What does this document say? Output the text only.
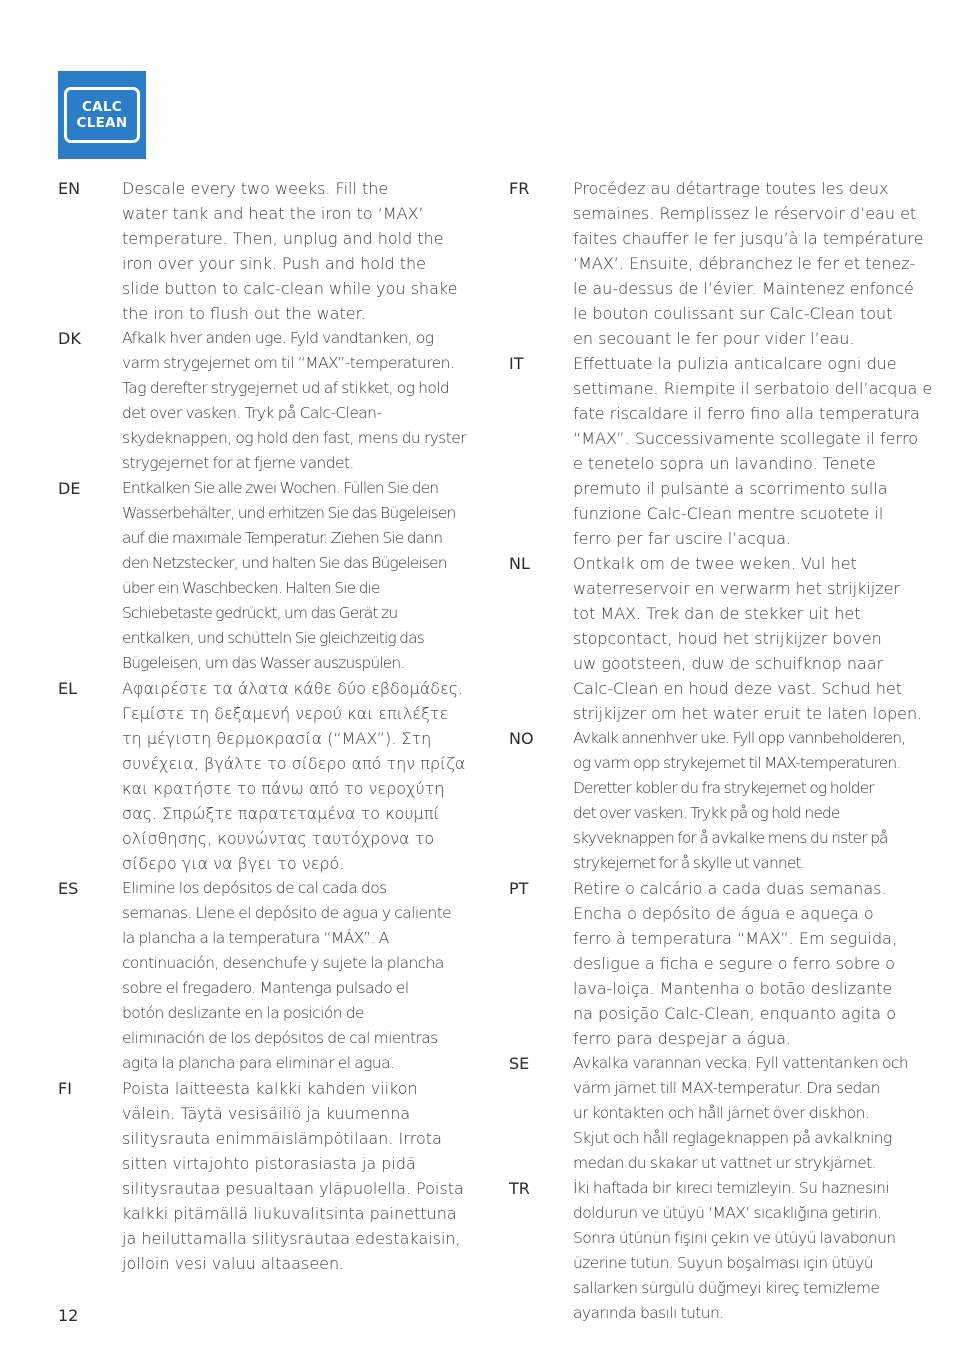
CALC
CLEAN
EN	Descale every two weeks. Fill the
water tank and heat the iron to ‘MAX’
temperature. Then, unplug and hold the
iron over your sink. Push and hold the
slide button to calc-clean while you shake
the iron to flush out the water.
DK	Afkalk hver anden uge. Fyld vandtanken, og
varm strygejernet om til “MAX”-temperaturen.
Tag derefter strygejernet ud af stikket, og hold
det over vasken. Tryk på Calc-Clean-
skydeknappen, og hold den fast, mens du ryster
strygejernet for at fjerne vandet.
DE	Entkalken Sie alle zwei Wochen. Füllen Sie den
Wasserbehälter, und erhitzen Sie das Bügeleisen
auf die maximale Temperatur. Ziehen Sie dann
den Netzstecker, und halten Sie das Bügeleisen
über ein Waschbecken. Halten Sie die
Schiebetaste gedrückt, um das Gerät zu
entkalken, und schütteln Sie gleichzeitig das
Bügeleisen, um das Wasser auszuspülen.
EL	Αφαιρέστε τα άλατα κάθε δύο εβδομάδες.
Γεμίστε τη δεξαμενή νερού και επιλέξτε
τη μέγιστη θερμοκρασία (“MAX”). Στη
συνέχεια, βγάλτε το σίδερο από την πρίζα
και κρατήστε το πάνω από το νεροχύτη
σας. Σπρώξτε παρατεταμένα το κουμπί
ολίσθησης, κουνώντας ταυτόχρονα το
σίδερο για να βγει το νερό.
ES	Elimine los depósitos de cal cada dos
semanas. Llene el depósito de agua y caliente
la plancha a la temperatura “MÁX”. A
continuación, desenchufe y sujete la plancha
sobre el fregadero. Mantenga pulsado el
botón deslizante en la posición de
eliminación de los depósitos de cal mientras
agita la plancha para eliminar el agua.
FI	Poista laitteesta kalkki kahden viikon
välein. Täytä vesisäiliö ja kuumenna
silitysrauta enimmäislämpötilaan. Irrota
sitten virtajohto pistorasiasta ja pidä
silitysrautaa pesualtaan yläpuolella. Poista
kalkki pitämällä liukuvalitsinta painettuna
ja heiluttamalla silitysrautaa edestakaisin,
jolloin vesi valuu altaaseen.
FR	Procédez au détartrage toutes les deux
semaines. Remplissez le réservoir d’eau et
faites chauffer le fer jusqu’à la température
‘MAX’. Ensuite, débranchez le fer et tenez-
le au-dessus de l’évier. Maintenez enfoncé
le bouton coulissant sur Calc-Clean tout
en secouant le fer pour vider l’eau.
IT	Effettuate la pulizia anticalcare ogni due
settimane. Riempite il serbatoio dell’acqua e
fate riscaldare il ferro fino alla temperatura
“MAX”. Successivamente scollegate il ferro
e tenetelo sopra un lavandino. Tenete
premuto il pulsante a scorrimento sulla
funzione Calc-Clean mentre scuotete il
ferro per far uscire l’acqua.
NL	Ontkalk om de twee weken. Vul het
waterreservoir en verwarm het strijkijzer
tot MAX. Trek dan de stekker uit het
stopcontact, houd het strijkijzer boven
uw gootsteen, duw de schuifknop naar
Calc-Clean en houd deze vast. Schud het
strijkijzer om het water eruit te laten lopen.
NO	Avkalk annenhver uke. Fyll opp vannbeholderen,
og varm opp strykejernet til MAX-temperaturen.
Deretter kobler du fra strykejernet og holder
det over vasken. Trykk på og hold nede
skyveknappen for å avkalke mens du rister på
strykejernet for å skylle ut vannet.
PT	Retire o calcário a cada duas semanas.
Encha o depósito de água e aqueça o
ferro à temperatura “MAX”. Em seguida,
desligue a ficha e segure o ferro sobre o
lava-loiça. Mantenha o botão deslizante
na posição Calc-Clean, enquanto agita o
ferro para despejar a água.
SE	Avkalka varannan vecka. Fyll vattentanken och
värm järnet till MAX-temperatur. Dra sedan
ur kontakten och håll järnet över diskhon.
Skjut och håll reglageknappen på avkalkning
medan du skakar ut vattnet ur strykjärnet.
TR	İki haftada bir kireci temizleyin. Su haznesini
doldurun ve ütüyü ‘MAX’ sıcaklığına getirin.
Sonra ütünün fişini çekin ve ütüyü lavabonun
üzerine tutun. Suyun boşalması için ütüyü
sallarken sürgülü düğmeyi kireç temizleme
ayarında basılı tutun.
12
